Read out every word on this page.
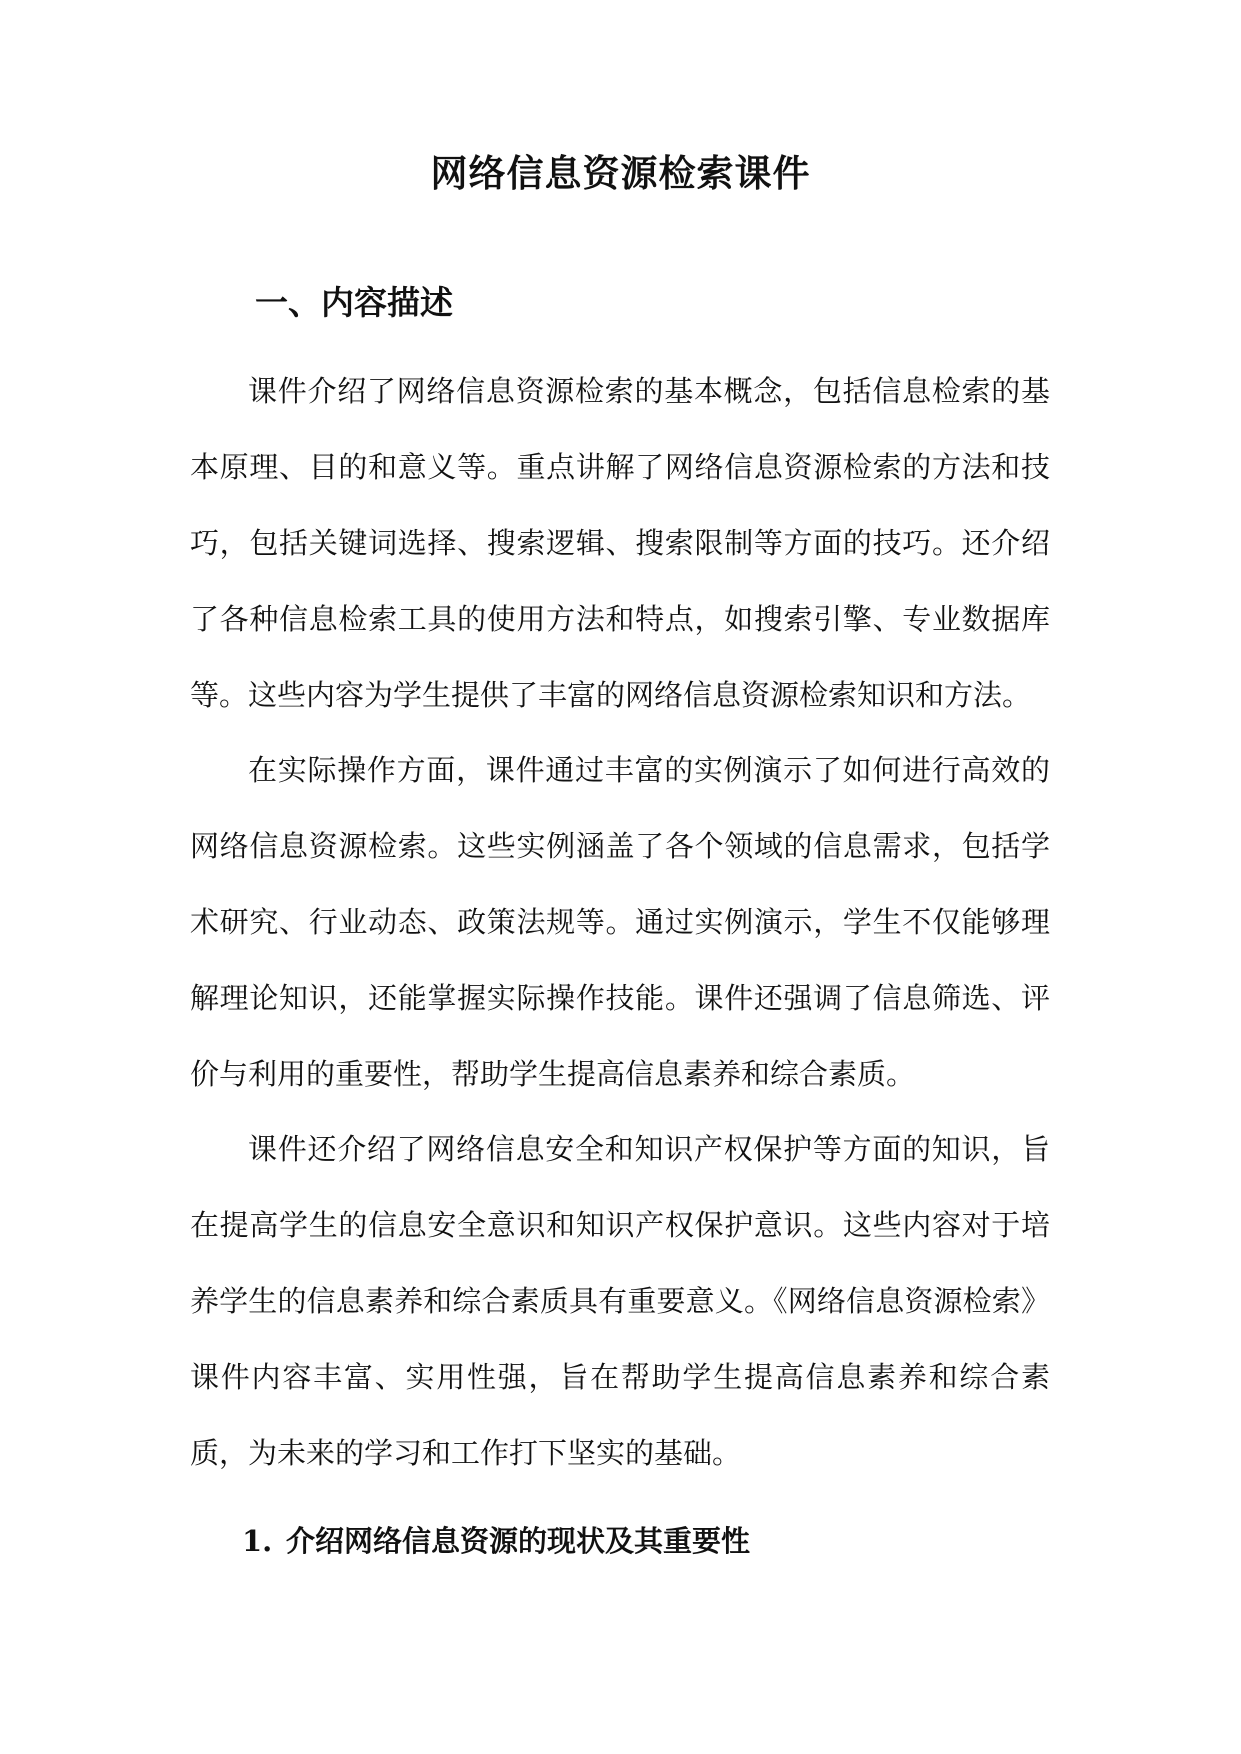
网络信息资源检索课件
一、内容描述

课件介绍了网络信息资源检索的基本概念，包括信息检索的基本原理、目的和意义等。重点讲解了网络信息资源检索的方法和技巧，包括关键词选择、搜索逻辑、搜索限制等方面的技巧。还介绍了各种信息检索工具的使用方法和特点，如搜索引擎、专业数据库等。这些内容为学生提供了丰富的网络信息资源检索知识和方法。

在实际操作方面，课件通过丰富的实例演示了如何进行高效的网络信息资源检索。这些实例涵盖了各个领域的信息需求，包括学术研究、行业动态、政策法规等。通过实例演示，学生不仅能够理解理论知识，还能掌握实际操作技能。课件还强调了信息筛选、评价与利用的重要性，帮助学生提高信息素养和综合素质。

课件还介绍了网络信息安全和知识产权保护等方面的知识，旨在提高学生的信息安全意识和知识产权保护意识。这些内容对于培养学生的信息素养和综合素质具有重要意义。《网络信息资源检索》课件内容丰富、实用性强，旨在帮助学生提高信息素养和综合素质，为未来的学习和工作打下坚实的基础。

1. 介绍网络信息资源的现状及其重要性
